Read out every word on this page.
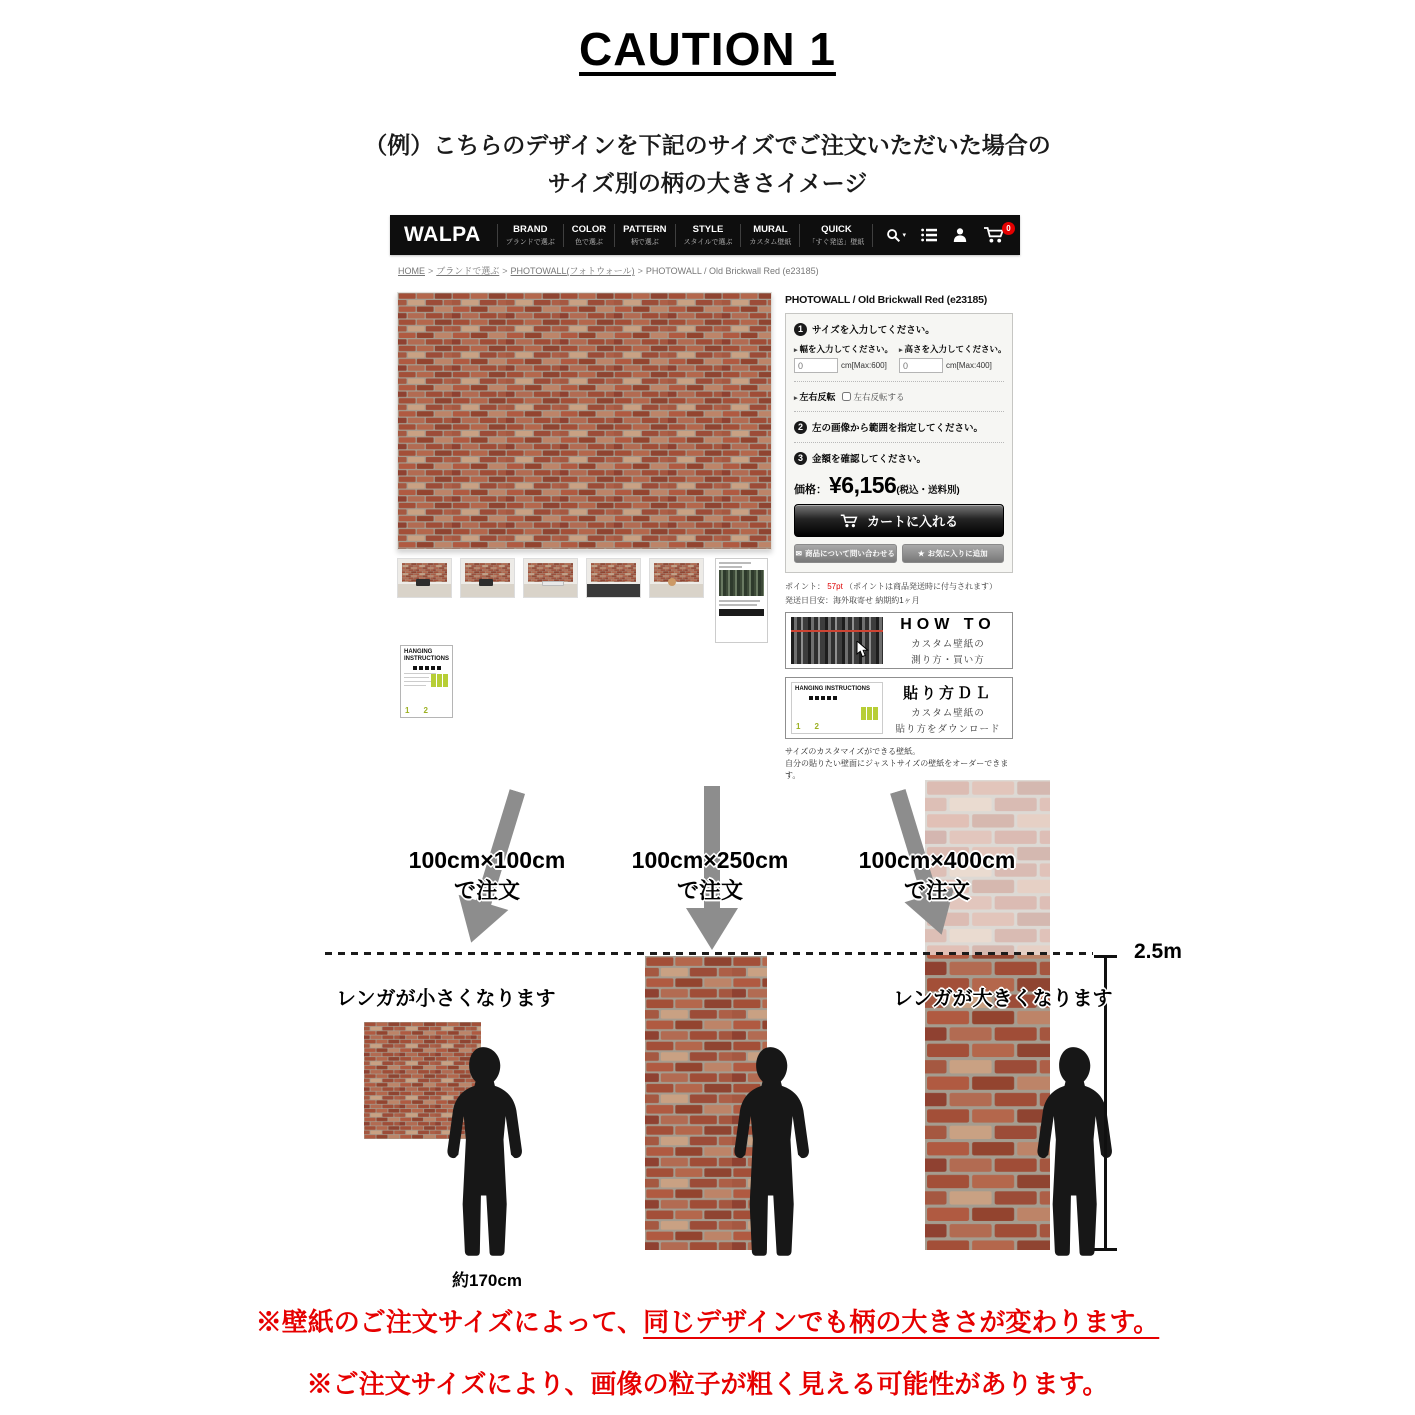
CAUTION 1
（例）こちらのデザインを下記のサイズでご注文いただいた場合の
サイズ別の柄の大きさイメージ
WALPA	BRAND
ブランドで選ぶ
COLOR
色で選ぶ
PATTERN
柄で選ぶ
STYLE
スタイルで選ぶ
MURAL
カスタム壁紙
QUICK
「すぐ発送」壁紙
▾
0
HOME > ブランドで選ぶ > PHOTOWALL(フォトウォール) > PHOTOWALL / Old Brickwall Red (e23185)
HANGING INSTRUCTIONS
1 2
PHOTOWALL / Old Brickwall Red (e23185)
1 サイズを入力してください。
▸ 幅を入力してください。 ▸ 高さを入力してください。
0
cm[Max:600]
0	cm[Max:400]
▸ 左右反転 左右反転する
2 左の画像から範囲を指定してください。
3 金額を確認してください。
価格： ¥6,156 (税込・送料別)
カートに入れる
✉ 商品について問い合わせる	★ お気に入りに追加
ポイント： 57pt （ポイントは商品発送時に付与されます）
発送日目安：海外取寄せ 納期約1ヶ月
HOW TO
カスタム壁紙の
測り方・買い方
HANGING INSTRUCTIONS
1 2
貼り方ＤＬ
カスタム壁紙の
貼り方をダウンロード
サイズのカスタマイズができる壁紙。
自分の貼りたい壁面にジャストサイズの壁紙をオーダーできます。
100cm×100cm
で注文
100cm×250cm
で注文
100cm×400cm
で注文
レンガが小さくなります	レンガが大きくなります
2.5m
約170cm
※壁紙のご注文サイズによって、同じデザインでも柄の大きさが変わります。
※ご注文サイズにより、画像の粒子が粗く見える可能性があります。
